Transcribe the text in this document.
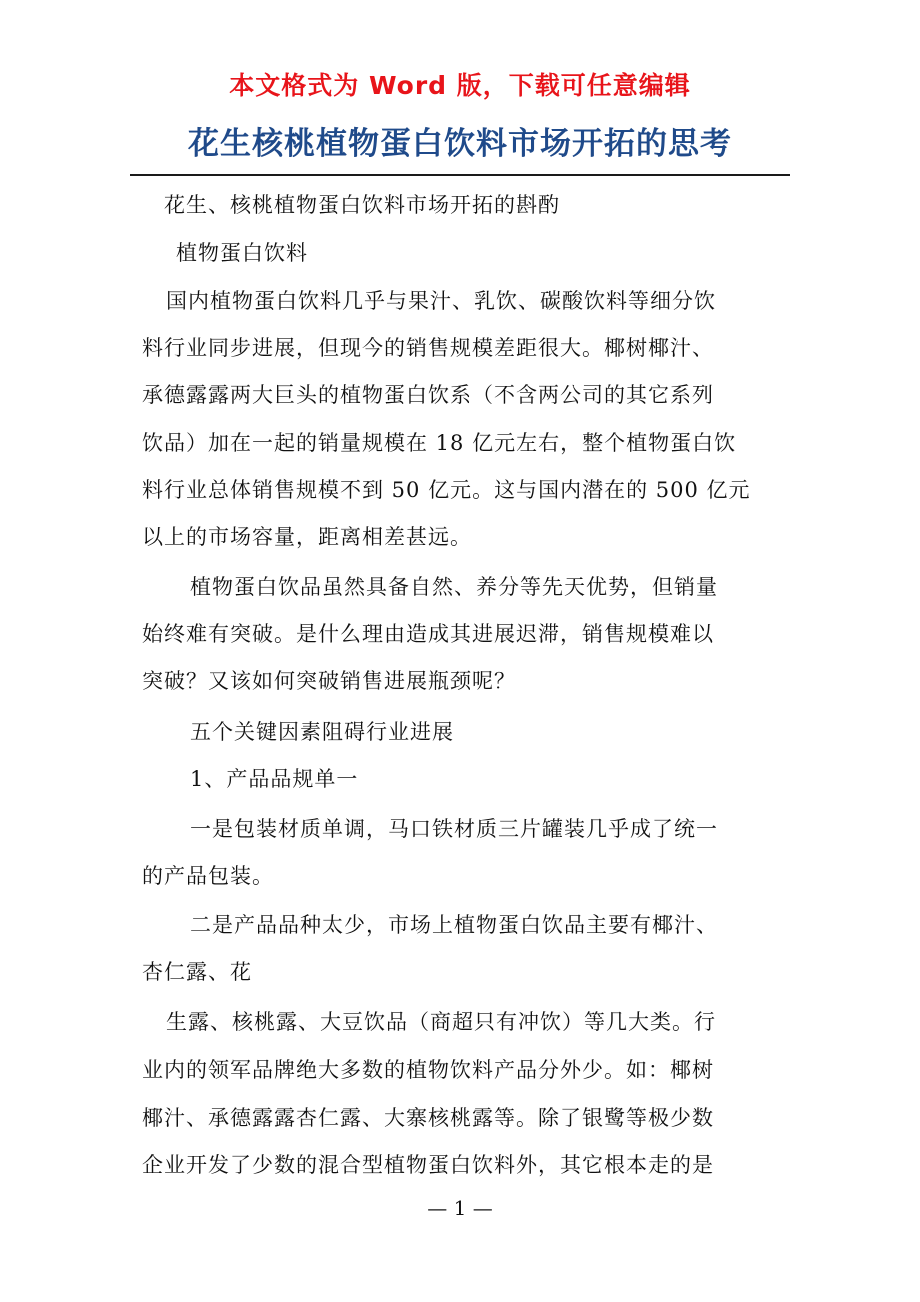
本文格式为 Word 版，下载可任意编辑
花生核桃植物蛋白饮料市场开拓的思考

花生、核桃植物蛋白饮料市场开拓的斟酌

植物蛋白饮料

国内植物蛋白饮料几乎与果汁、乳饮、碳酸饮料等细分饮

料行业同步进展，但现今的销售规模差距很大。椰树椰汁、

承德露露两大巨头的植物蛋白饮系（不含两公司的其它系列

饮品）加在一起的销量规模在 18 亿元左右，整个植物蛋白饮

料行业总体销售规模不到 50 亿元。这与国内潜在的 500 亿元

以上的市场容量，距离相差甚远。

植物蛋白饮品虽然具备自然、养分等先天优势，但销量

始终难有突破。是什么理由造成其进展迟滞，销售规模难以

突破？又该如何突破销售进展瓶颈呢？

五个关键因素阻碍行业进展

1、产品品规单一

一是包装材质单调，马口铁材质三片罐装几乎成了统一

的产品包装。

二是产品品种太少，市场上植物蛋白饮品主要有椰汁、

杏仁露、花

生露、核桃露、大豆饮品（商超只有冲饮）等几大类。行

业内的领军品牌绝大多数的植物饮料产品分外少。如：椰树

椰汁、承德露露杏仁露、大寨核桃露等。除了银鹭等极少数

企业开发了少数的混合型植物蛋白饮料外，其它根本走的是

— 1 —
